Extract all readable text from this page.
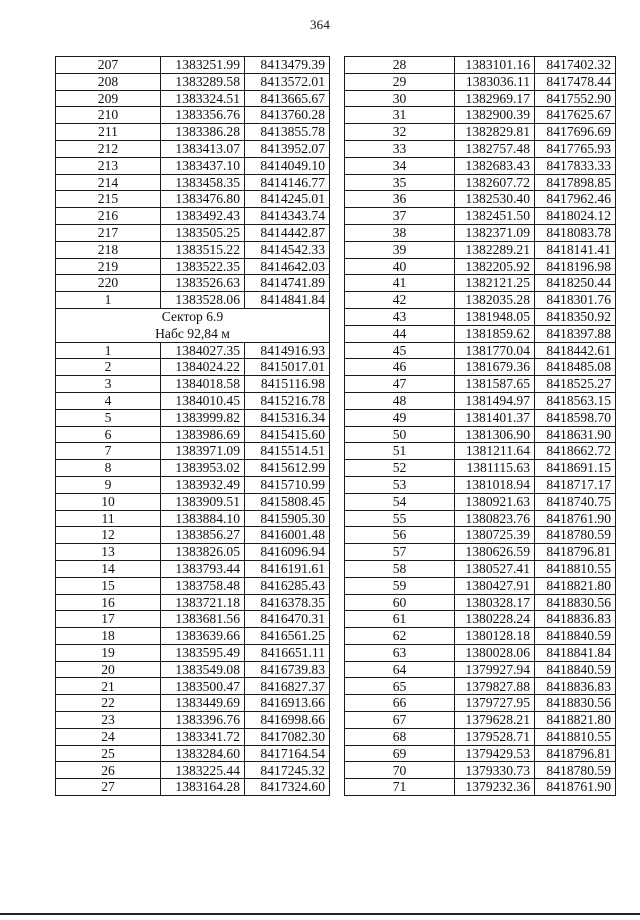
364
207	1383251.99	8413479.39
208	1383289.58	8413572.01
209	1383324.51	8413665.67
210	1383356.76	8413760.28
211	1383386.28	8413855.78
212	1383413.07	8413952.07
213	1383437.10	8414049.10
214	1383458.35	8414146.77
215	1383476.80	8414245.01
216	1383492.43	8414343.74
217	1383505.25	8414442.87
218	1383515.22	8414542.33
219	1383522.35	8414642.03
220	1383526.63	8414741.89
1	1383528.06	8414841.84
Сектор 6.9		
Набс 92,84 м		
1	1384027.35	8414916.93
2	1384024.22	8415017.01
3	1384018.58	8415116.98
4	1384010.45	8415216.78
5	1383999.82	8415316.34
6	1383986.69	8415415.60
7	1383971.09	8415514.51
8	1383953.02	8415612.99
9	1383932.49	8415710.99
10	1383909.51	8415808.45
11	1383884.10	8415905.30
12	1383856.27	8416001.48
13	1383826.05	8416096.94
14	1383793.44	8416191.61
15	1383758.48	8416285.43
16	1383721.18	8416378.35
17	1383681.56	8416470.31
18	1383639.66	8416561.25
19	1383595.49	8416651.11
20	1383549.08	8416739.83
21	1383500.47	8416827.37
22	1383449.69	8416913.66
23	1383396.76	8416998.66
24	1383341.72	8417082.30
25	1383284.60	8417164.54
26	1383225.44	8417245.32
27	1383164.28	8417324.60
28	1383101.16	8417402.32
29	1383036.11	8417478.44
30	1382969.17	8417552.90
31	1382900.39	8417625.67
32	1382829.81	8417696.69
33	1382757.48	8417765.93
34	1382683.43	8417833.33
35	1382607.72	8417898.85
36	1382530.40	8417962.46
37	1382451.50	8418024.12
38	1382371.09	8418083.78
39	1382289.21	8418141.41
40	1382205.92	8418196.98
41	1382121.25	8418250.44
42	1382035.28	8418301.76
43	1381948.05	8418350.92
44	1381859.62	8418397.88
45	1381770.04	8418442.61
46	1381679.36	8418485.08
47	1381587.65	8418525.27
48	1381494.97	8418563.15
49	1381401.37	8418598.70
50	1381306.90	8418631.90
51	1381211.64	8418662.72
52	1381115.63	8418691.15
53	1381018.94	8418717.17
54	1380921.63	8418740.75
55	1380823.76	8418761.90
56	1380725.39	8418780.59
57	1380626.59	8418796.81
58	1380527.41	8418810.55
59	1380427.91	8418821.80
60	1380328.17	8418830.56
61	1380228.24	8418836.83
62	1380128.18	8418840.59
63	1380028.06	8418841.84
64	1379927.94	8418840.59
65	1379827.88	8418836.83
66	1379727.95	8418830.56
67	1379628.21	8418821.80
68	1379528.71	8418810.55
69	1379429.53	8418796.81
70	1379330.73	8418780.59
71	1379232.36	8418761.90
